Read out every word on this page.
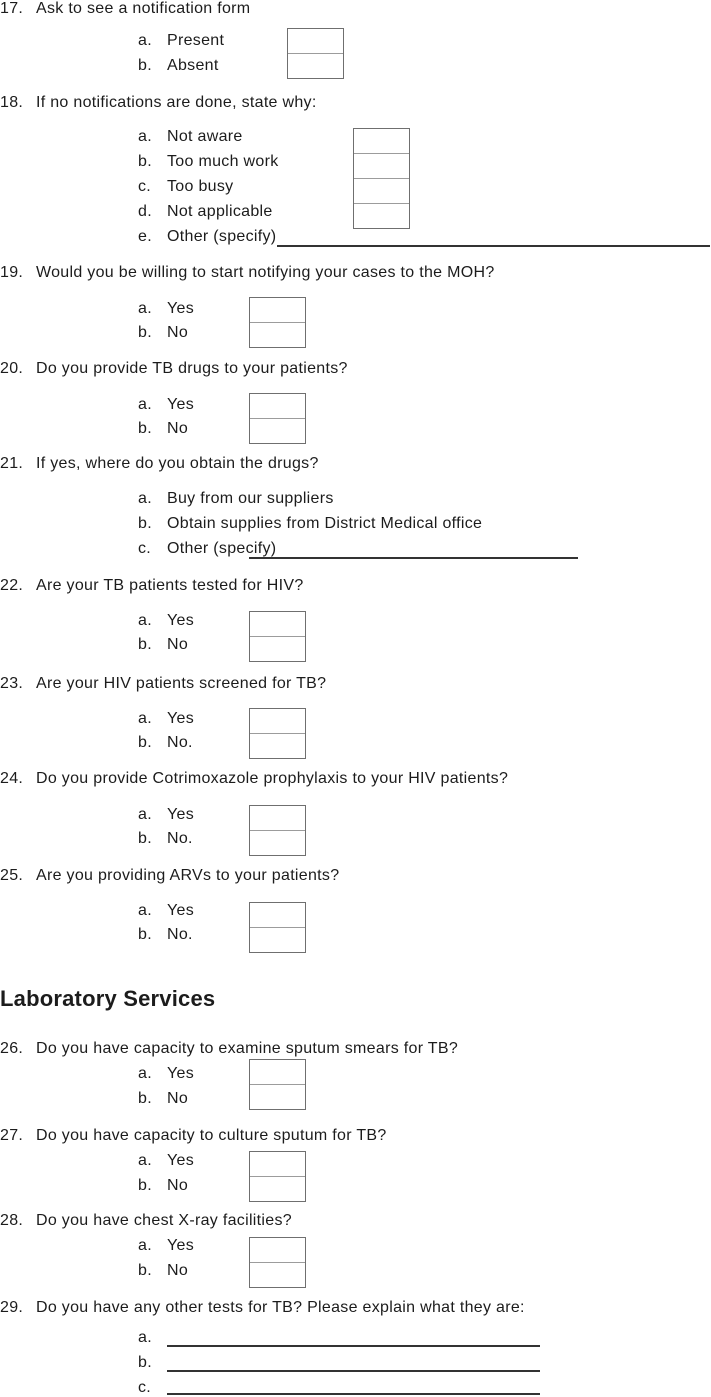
17. Ask to see a notification form
a. Present
b. Absent
18. If no notifications are done, state why:
a. Not aware
b. Too much work
c. Too busy
d. Not applicable
e. Other (specify)
19. Would you be willing to start notifying your cases to the MOH?
a. Yes
b. No
20. Do you provide TB drugs to your patients?
a. Yes
b. No
21. If yes, where do you obtain the drugs?
a. Buy from our suppliers
b. Obtain supplies from District Medical office
c. Other (specify)
22. Are your TB patients tested for HIV?
a. Yes
b. No
23. Are your HIV patients screened for TB?
a. Yes
b. No.
24. Do you provide Cotrimoxazole prophylaxis to your HIV patients?
a. Yes
b. No.
25. Are you providing ARVs to your patients?
a. Yes
b. No.
Laboratory Services
26. Do you have capacity to examine sputum smears for TB?
a. Yes
b. No
27. Do you have capacity to culture sputum for TB?
a. Yes
b. No
28. Do you have chest X-ray facilities?
a. Yes
b. No
29. Do you have any other tests for TB? Please explain what they are:
a.
b.
c.
